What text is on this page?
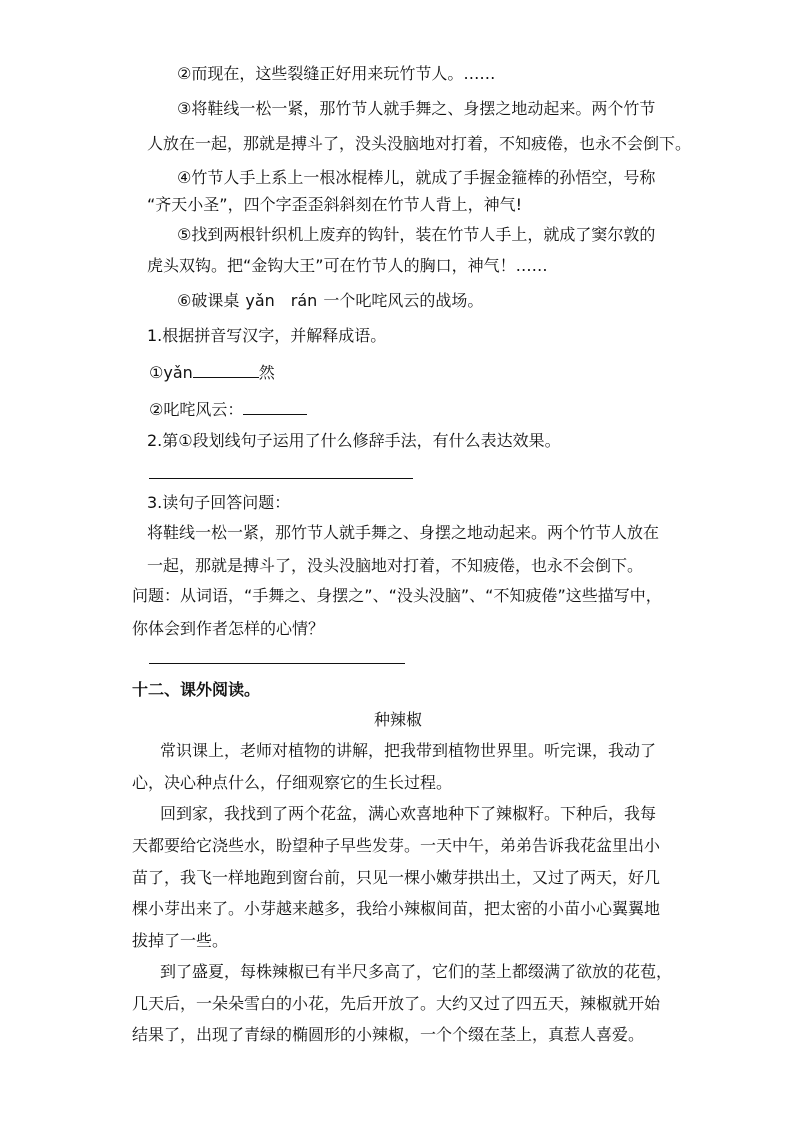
②而现在，这些裂缝正好用来玩竹节人。……
③将鞋线一松一紧，那竹节人就手舞之、身摆之地动起来。两个竹节
人放在一起，那就是搏斗了，没头没脑地对打着，不知疲倦，也永不会倒下。
④竹节人手上系上一根冰棍棒儿，就成了手握金箍棒的孙悟空，号称
“齐天小圣”，四个字歪歪斜斜刻在竹节人背上，神气!
⑤找到两根针织机上废弃的钩针，装在竹节人手上，就成了窦尔敦的
虎头双钩。把“金钩大王”可在竹节人的胸口，神气！……
⑥破课桌 yǎn　rán 一个叱咤风云的战场。
1.根据拼音写汉字，并解释成语。
①yǎn	然
②叱咤风云：
2.第①段划线句子运用了什么修辞手法，有什么表达效果。
3.读句子回答问题：
将鞋线一松一紧，那竹节人就手舞之、身摆之地动起来。两个竹节人放在
一起，那就是搏斗了，没头没脑地对打着，不知疲倦，也永不会倒下。
问题：从词语，“手舞之、身摆之”、“没头没脑”、“不知疲倦”这些描写中，
你体会到作者怎样的心情？
十二、课外阅读。
种辣椒
常识课上，老师对植物的讲解，把我带到植物世界里。听完课，我动了
心，决心种点什么，仔细观察它的生长过程。
回到家，我找到了两个花盆，满心欢喜地种下了辣椒籽。下种后，我每
天都要给它浇些水，盼望种子早些发芽。一天中午，弟弟告诉我花盆里出小
苗了，我飞一样地跑到窗台前，只见一棵小嫩芽拱出土，又过了两天，好几
棵小芽出来了。小芽越来越多，我给小辣椒间苗，把太密的小苗小心翼翼地
拔掉了一些。
到了盛夏，每株辣椒已有半尺多高了，它们的茎上都缀满了欲放的花苞，
几天后，一朵朵雪白的小花，先后开放了。大约又过了四五天，辣椒就开始
结果了，出现了青绿的椭圆形的小辣椒，一个个缀在茎上，真惹人喜爱。
